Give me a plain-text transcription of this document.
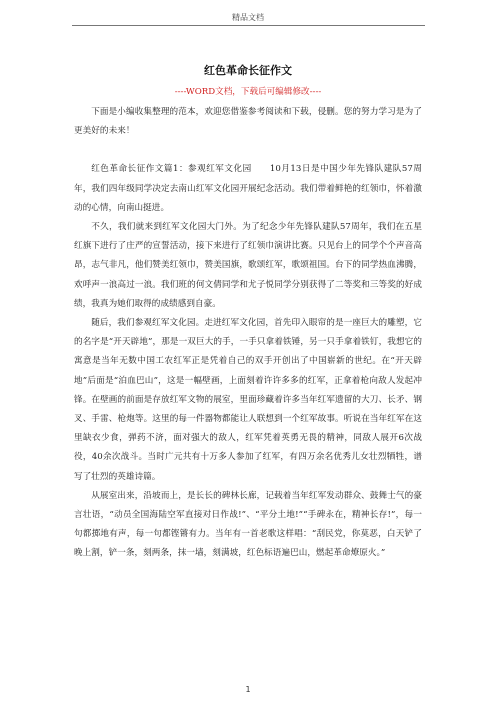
精品文档
红色革命长征作文
----WORD文档，下载后可编辑修改----

下面是小编收集整理的范本，欢迎您借鉴参考阅读和下载，侵删。您的努力学习是为了更美好的未来！

红色革命长征作文篇1：参观红军文化园　　10月13日是中国少年先锋队建队57周年，我们四年级同学决定去南山红军文化园开展纪念活动。我们带着鲜艳的红领巾，怀着激动的心情，向南山挺进。

不久，我们就来到红军文化园大门外。为了纪念少年先锋队建队57周年，我们在五星红旗下进行了庄严的宣誓活动，接下来进行了红领巾演讲比赛。只见台上的同学个个声音高昂，志气非凡，他们赞美红领巾，赞美国旗，歌颂红军，歌颂祖国。台下的同学热血沸腾，欢呼声一浪高过一浪。我们班的何文倩同学和尤子悦同学分别获得了二等奖和三等奖的好成绩，我真为她们取得的成绩感到自豪。

随后，我们参观红军文化园。走进红军文化园，首先印入眼帘的是一座巨大的雕塑，它的名字是“开天辟地”，那是一双巨大的手，一手只拿着铁锤，另一只手拿着铁钉，我想它的寓意是当年无数中国工农红军正是凭着自己的双手开创出了中国崭新的世纪。在“开天辟地”后面是“泊血巴山”，这是一幅壁画，上面刻着许许多多的红军，正拿着枪向敌人发起冲锋。在壁画的前面是存放红军文物的展室，里面珍藏着许多当年红军遗留的大刀、长矛、钢叉、手雷、枪炮等。这里的每一件器物都能让人联想到一个红军故事。听说在当年红军在这里缺衣少食，弹药不济，面对强大的敌人，红军凭着英勇无畏的精神，同敌人展开6次战役，40余次战斗。当时广元共有十万多人参加了红军，有四万余名优秀儿女壮烈牺牲，谱写了壮烈的英雄诗篇。

从展室出来，沿坡而上，是长长的碑林长廊，记载着当年红军发动群众、鼓舞士气的豪言壮语，“动员全国海陆空军直接对日作战!”、“平分土地!”“手碑永在，精神长存!”，每一句都掷地有声，每一句都铿锵有力。当年有一首老歌这样唱：“刮民党，你莫恶，白天铲了晚上割，铲一条，刻两条，抹一墙，刻满坡，红色标语遍巴山，燃起革命燎原火。”

1
